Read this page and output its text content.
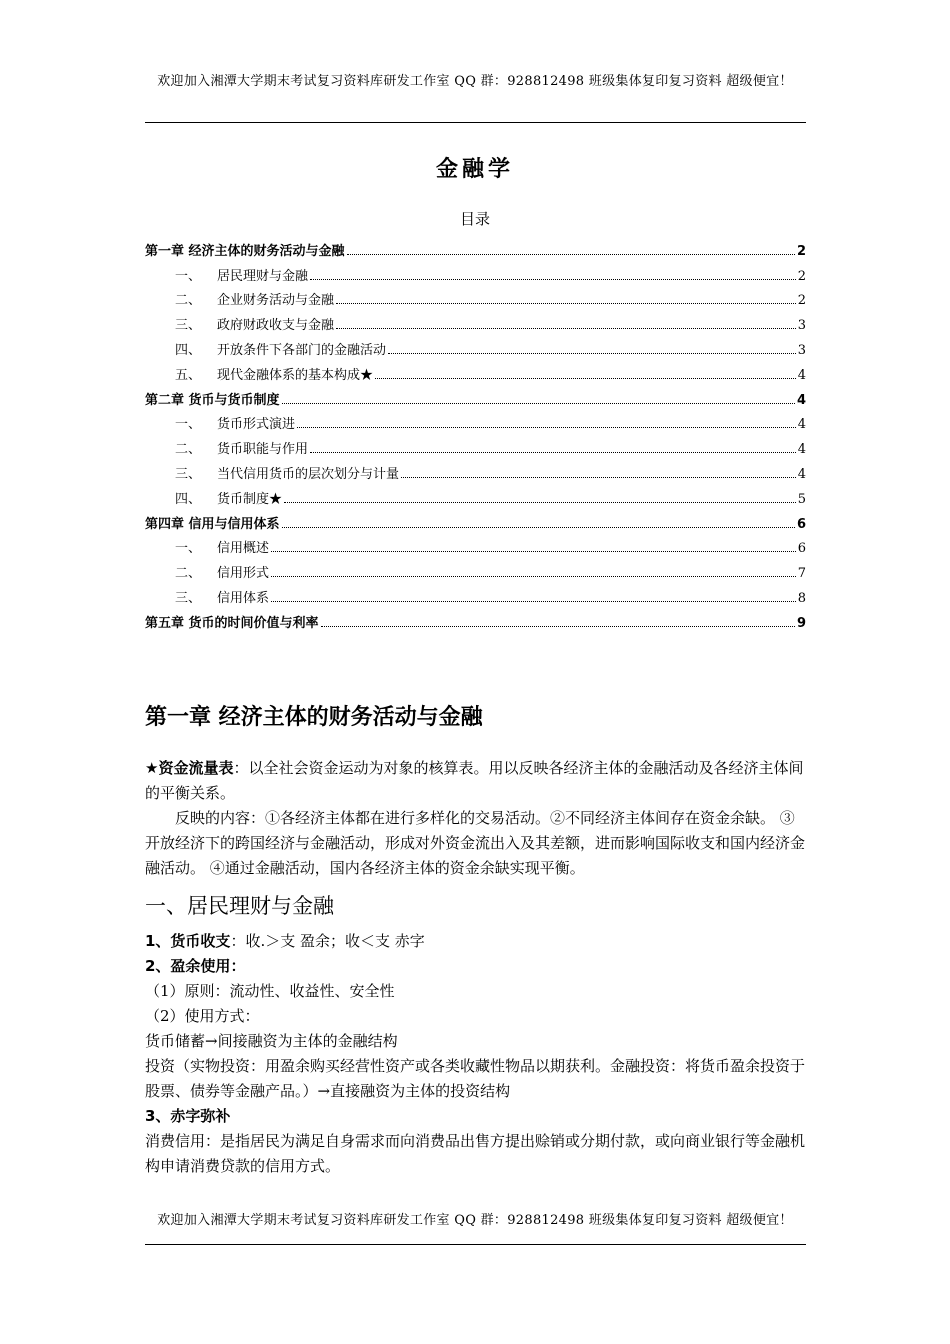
欢迎加入湘潭大学期末考试复习资料库研发工作室 QQ 群：928812498 班级集体复印复习资料 超级便宜！
金融学
目录
第一章 经济主体的财务活动与金融	2
一、	居民理财与金融	2
二、	企业财务活动与金融	2
三、	政府财政收支与金融	3
四、	开放条件下各部门的金融活动	3
五、	现代金融体系的基本构成★	4
第二章 货币与货币制度	4
一、	货币形式演进	4
二、	货币职能与作用	4
三、	当代信用货币的层次划分与计量	4
四、	货币制度★	5
第四章 信用与信用体系	6
一、	信用概述	6
二、	信用形式	7
三、	信用体系	8
第五章 货币的时间价值与利率	9
第一章 经济主体的财务活动与金融

★资金流量表：以全社会资金运动为对象的核算表。用以反映各经济主体的金融活动及各经济主体间的平衡关系。

反映的内容：①各经济主体都在进行多样化的交易活动。②不同经济主体间存在资金余缺。 ③开放经济下的跨国经济与金融活动，形成对外资金流出入及其差额，进而影响国际收支和国内经济金融活动。 ④通过金融活动，国内各经济主体的资金余缺实现平衡。

一、居民理财与金融

1、货币收支：收.＞支 盈余；收＜支 赤字

2、盈余使用：

（1）原则：流动性、收益性、安全性

（2）使用方式：

货币储蓄→间接融资为主体的金融结构

投资（实物投资：用盈余购买经营性资产或各类收藏性物品以期获利。金融投资：将货币盈余投资于股票、债券等金融产品。）→直接融资为主体的投资结构

3、赤字弥补

消费信用：是指居民为满足自身需求而向消费品出售方提出赊销或分期付款，或向商业银行等金融机构申请消费贷款的信用方式。

欢迎加入湘潭大学期末考试复习资料库研发工作室 QQ 群：928812498 班级集体复印复习资料 超级便宜！
